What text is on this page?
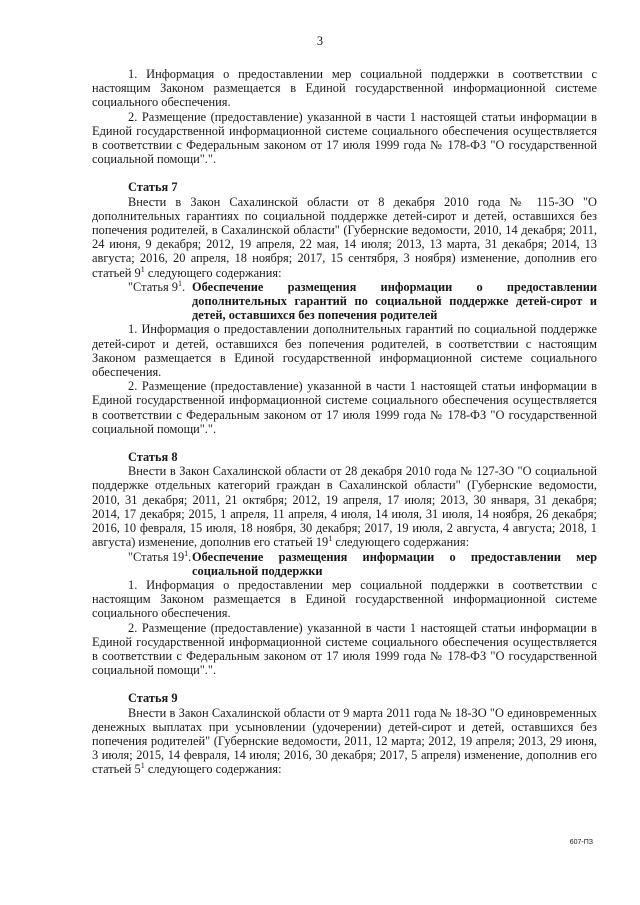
3

1. Информация о предоставлении мер социальной поддержки в соответствии с настоящим Законом размещается в Единой государственной информационной системе социального обеспечения.

2. Размещение (предоставление) указанной в части 1 настоящей статьи информации в Единой государственной информационной системе социального обеспечения осуществляется в соответствии с Федеральным законом от 17 июля 1999 года № 178-ФЗ "О государственной социальной помощи".".

Статья 7

Внести в Закон Сахалинской области от 8 декабря 2010 года № 115-ЗО "О дополнительных гарантиях по социальной поддержке детей-сирот и детей, оставшихся без попечения родителей, в Сахалинской области" (Губернские ведомости, 2010, 14 декабря; 2011, 24 июня, 9 декабря; 2012, 19 апреля, 22 мая, 14 июля; 2013, 13 марта, 31 декабря; 2014, 13 августа; 2016, 20 апреля, 18 ноября; 2017, 15 сентября, 3 ноября) изменение, дополнив его статьей $9^1$ следующего содержания:

"Статья $9^1$. Обеспечение размещения информации о предоставлении дополнительных гарантий по социальной поддержке детей-сирот и детей, оставшихся без попечения родителей

1. Информация о предоставлении дополнительных гарантий по социальной поддержке детей-сирот и детей, оставшихся без попечения родителей, в соответствии с настоящим Законом размещается в Единой государственной информационной системе социального обеспечения.

2. Размещение (предоставление) указанной в части 1 настоящей статьи информации в Единой государственной информационной системе социального обеспечения осуществляется в соответствии с Федеральным законом от 17 июля 1999 года № 178-ФЗ "О государственной социальной помощи".".

Статья 8

Внести в Закон Сахалинской области от 28 декабря 2010 года № 127-ЗО "О социальной поддержке отдельных категорий граждан в Сахалинской области" (Губернские ведомости, 2010, 31 декабря; 2011, 21 октября; 2012, 19 апреля, 17 июля; 2013, 30 января, 31 декабря; 2014, 17 декабря; 2015, 1 апреля, 11 апреля, 4 июля, 14 июля, 31 июля, 14 ноября, 26 декабря; 2016, 10 февраля, 15 июля, 18 ноября, 30 декабря; 2017, 19 июля, 2 августа, 4 августа; 2018, 1 августа) изменение, дополнив его статьей $19^1$ следующего содержания:

"Статья $19^1$. Обеспечение размещения информации о предоставлении мер социальной поддержки

1. Информация о предоставлении мер социальной поддержки в соответствии с настоящим Законом размещается в Единой государственной информационной системе социального обеспечения.

2. Размещение (предоставление) указанной в части 1 настоящей статьи информации в Единой государственной информационной системе социального обеспечения осуществляется в соответствии с Федеральным законом от 17 июля 1999 года № 178-ФЗ "О государственной социальной помощи".".

Статья 9

Внести в Закон Сахалинской области от 9 марта 2011 года № 18-ЗО "О единовременных денежных выплатах при усыновлении (удочерении) детей-сирот и детей, оставшихся без попечения родителей" (Губернские ведомости, 2011, 12 марта; 2012, 19 апреля; 2013, 29 июня, 3 июля; 2015, 14 февраля, 14 июля; 2016, 30 декабря; 2017, 5 апреля) изменение, дополнив его статьей $5^1$ следующего содержания:

607-ПЗ
